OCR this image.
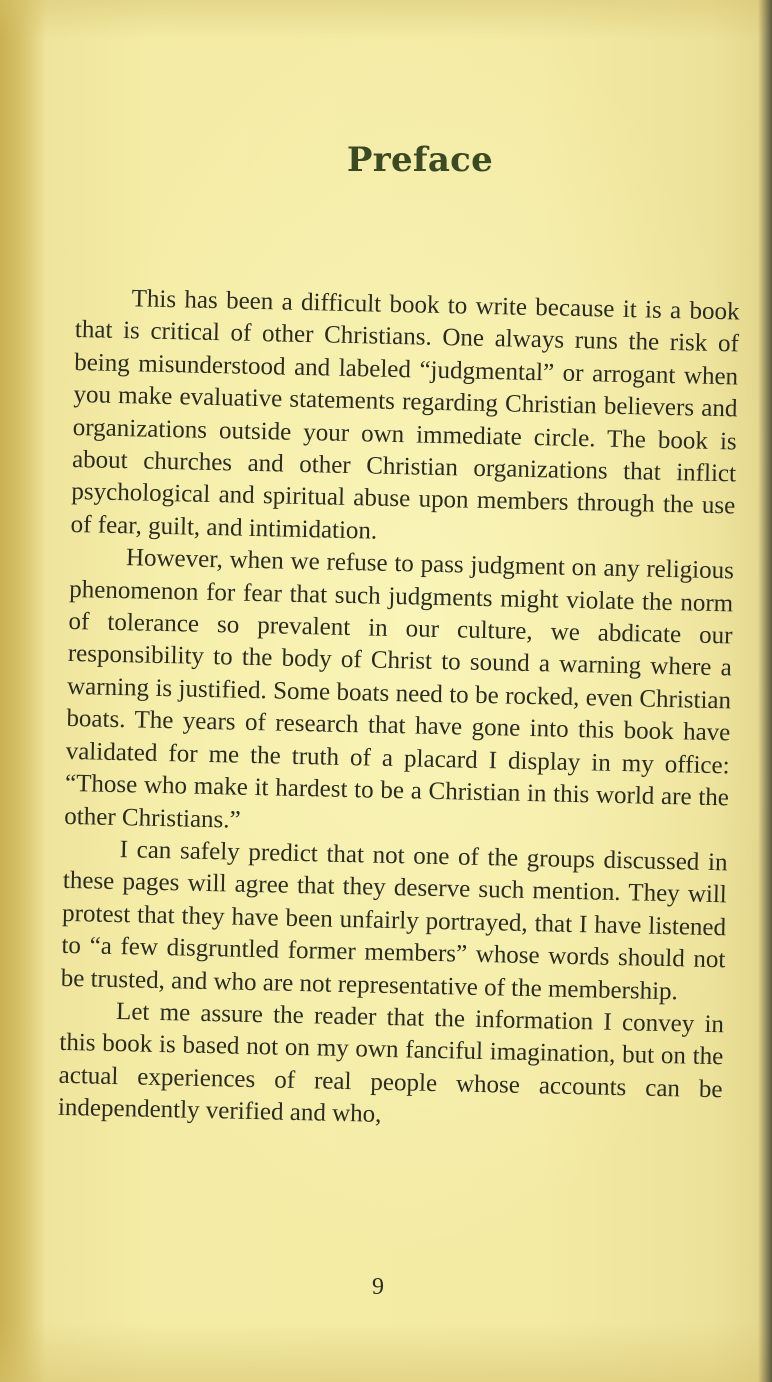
Preface

This has been a difficult book to write because it is a book that is critical of other Christians. One always runs the risk of being misunderstood and labeled “judgmental” or arrogant when you make evaluative statements regarding Christian believers and organizations outside your own immediate circle. The book is about churches and other Christian organizations that inflict psychological and spiritual abuse upon members through the use of fear, guilt, and intimidation.

However, when we refuse to pass judgment on any religious phenomenon for fear that such judgments might violate the norm of tolerance so prevalent in our culture, we abdicate our responsibility to the body of Christ to sound a warning where a warning is justified. Some boats need to be rocked, even Christian boats. The years of research that have gone into this book have validated for me the truth of a placard I display in my office: “Those who make it hardest to be a Christian in this world are the other Christians.”

I can safely predict that not one of the groups discussed in these pages will agree that they deserve such mention. They will protest that they have been unfairly portrayed, that I have listened to “a few disgruntled former members” whose words should not be trusted, and who are not representative of the membership.

Let me assure the reader that the information I convey in this book is based not on my own fanciful imagination, but on the actual experiences of real people whose accounts can be independently verified and who,

9
